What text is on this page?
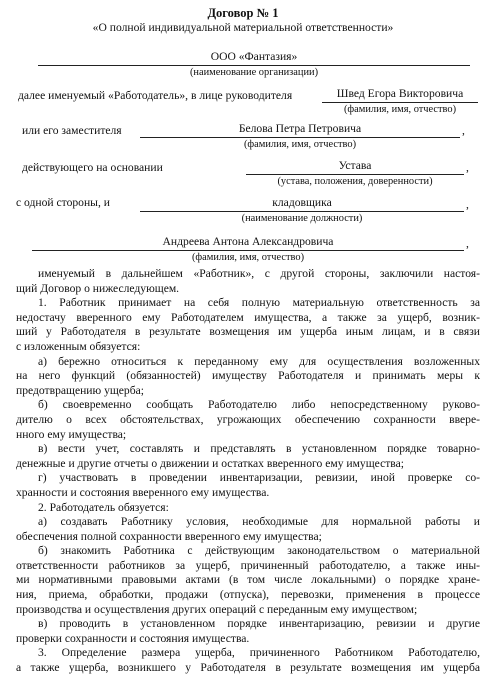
Договор № 1
«О полной индивидуальной материальной ответственности»
ООО «Фантазия»
(наименование организации)
далее именуемый «Работодатель», в лице руководителя	Швед Егора Викторовича
(фамилия, имя, отчество)
или его заместителя	Белова Петра Петровича	,
(фамилия, имя, отчество)
действующего на основании	Устава	,
(устава, положения, доверенности)
с одной стороны, и	кладовщика	,
(наименование должности)
Андреева Антона Александровича	,
(фамилия, имя, отчество)

именуемый в дальнейшем «Работник», с другой стороны, заключили настоя-

щий Договор о нижеследующем.

1. Работник принимает на себя полную материальную ответственность за

недостачу вверенного ему Работодателем имущества, а также за ущерб, возник-

ший у Работодателя в результате возмещения им ущерба иным лицам, и в связи

с изложенным обязуется:

а) бережно относиться к переданному ему для осуществления возложенных

на него функций (обязанностей) имуществу Работодателя и принимать меры к

предотвращению ущерба;

б) своевременно сообщать Работодателю либо непосредственному руково-

дителю о всех обстоятельствах, угрожающих обеспечению сохранности ввере-

нного ему имущества;

в) вести учет, составлять и представлять в установленном порядке товарно-

денежные и другие отчеты о движении и остатках вверенного ему имущества;

г) участвовать в проведении инвентаризации, ревизии, иной проверке со-

хранности и состояния вверенного ему имущества.

2. Работодатель обязуется:

а) создавать Работнику условия, необходимые для нормальной работы и

обеспечения полной сохранности вверенного ему имущества;

б) знакомить Работника с действующим законодательством о материальной

ответственности работников за ущерб, причиненный работодателю, а также ины-

ми нормативными правовыми актами (в том числе локальными) о порядке хране-

ния, приема, обработки, продажи (отпуска), перевозки, применения в процессе

производства и осуществления других операций с переданным ему имуществом;

в) проводить в установленном порядке инвентаризацию, ревизии и другие

проверки сохранности и состояния имущества.

3. Определение размера ущерба, причиненного Работником Работодателю,

а также ущерба, возникшего у Работодателя в результате возмещения им ущерба
